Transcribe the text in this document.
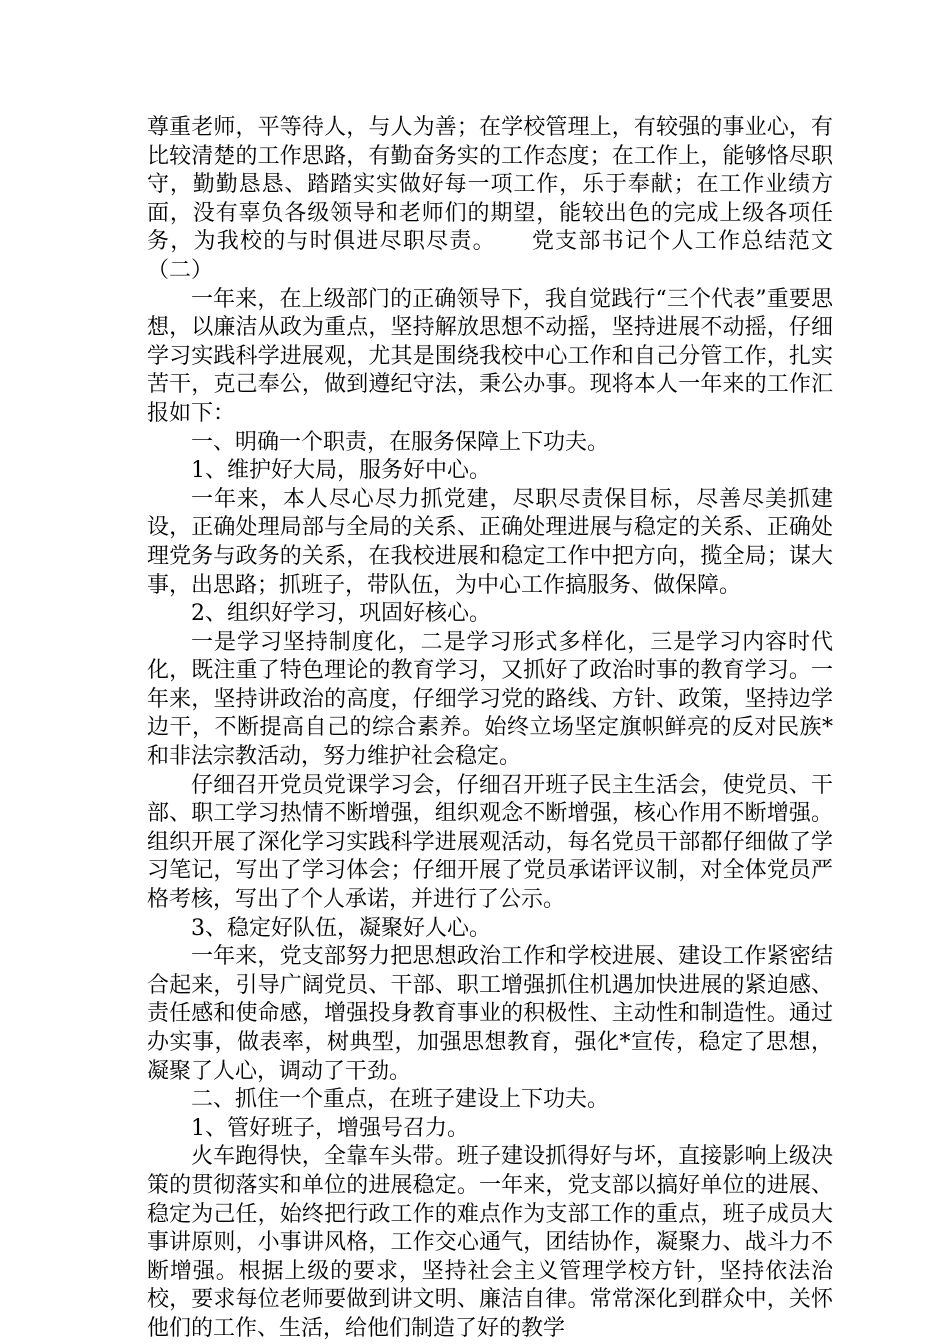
尊重老师，平等待人，与人为善；在学校管理上，有较强的事业心，有比较清楚的工作思路，有勤奋务实的工作态度；在工作上，能够恪尽职守，勤勤恳恳、踏踏实实做好每一项工作，乐于奉献；在工作业绩方面，没有辜负各级领导和老师们的期望，能较出色的完成上级各项任务，为我校的与时俱进尽职尽责。 党支部书记个人工作总结范文（二）

一年来，在上级部门的正确领导下，我自觉践行“三个代表”重要思想，以廉洁从政为重点，坚持解放思想不动摇，坚持进展不动摇，仔细学习实践科学进展观，尤其是围绕我校中心工作和自己分管工作，扎实苦干，克己奉公，做到遵纪守法，秉公办事。现将本人一年来的工作汇报如下：

一、明确一个职责，在服务保障上下功夫。

1、维护好大局，服务好中心。

一年来，本人尽心尽力抓党建，尽职尽责保目标，尽善尽美抓建设，正确处理局部与全局的关系、正确处理进展与稳定的关系、正确处理党务与政务的关系，在我校进展和稳定工作中把方向，揽全局；谋大事，出思路；抓班子，带队伍，为中心工作搞服务、做保障。

2、组织好学习，巩固好核心。

一是学习坚持制度化，二是学习形式多样化，三是学习内容时代化，既注重了特色理论的教育学习，又抓好了政治时事的教育学习。一年来，坚持讲政治的高度，仔细学习党的路线、方针、政策，坚持边学边干，不断提高自己的综合素养。始终立场坚定旗帜鲜亮的反对民族*和非法宗教活动，努力维护社会稳定。

仔细召开党员党课学习会，仔细召开班子民主生活会，使党员、干部、职工学习热情不断增强，组织观念不断增强，核心作用不断增强。组织开展了深化学习实践科学进展观活动，每名党员干部都仔细做了学习笔记，写出了学习体会；仔细开展了党员承诺评议制，对全体党员严格考核，写出了个人承诺，并进行了公示。

3、稳定好队伍，凝聚好人心。

一年来，党支部努力把思想政治工作和学校进展、建设工作紧密结合起来，引导广阔党员、干部、职工增强抓住机遇加快进展的紧迫感、责任感和使命感，增强投身教育事业的积极性、主动性和制造性。通过办实事，做表率，树典型，加强思想教育，强化*宣传，稳定了思想，凝聚了人心，调动了干劲。

二、抓住一个重点，在班子建设上下功夫。

1、管好班子，增强号召力。

火车跑得快，全靠车头带。班子建设抓得好与坏，直接影响上级决策的贯彻落实和单位的进展稳定。一年来，党支部以搞好单位的进展、稳定为己任，始终把行政工作的难点作为支部工作的重点，班子成员大事讲原则，小事讲风格，工作交心通气，团结协作，凝聚力、战斗力不断增强。根据上级的要求，坚持社会主义管理学校方针，坚持依法治校，要求每位老师要做到讲文明、廉洁自律。常常深化到群众中，关怀他们的工作、生活，给他们制造了好的教学
